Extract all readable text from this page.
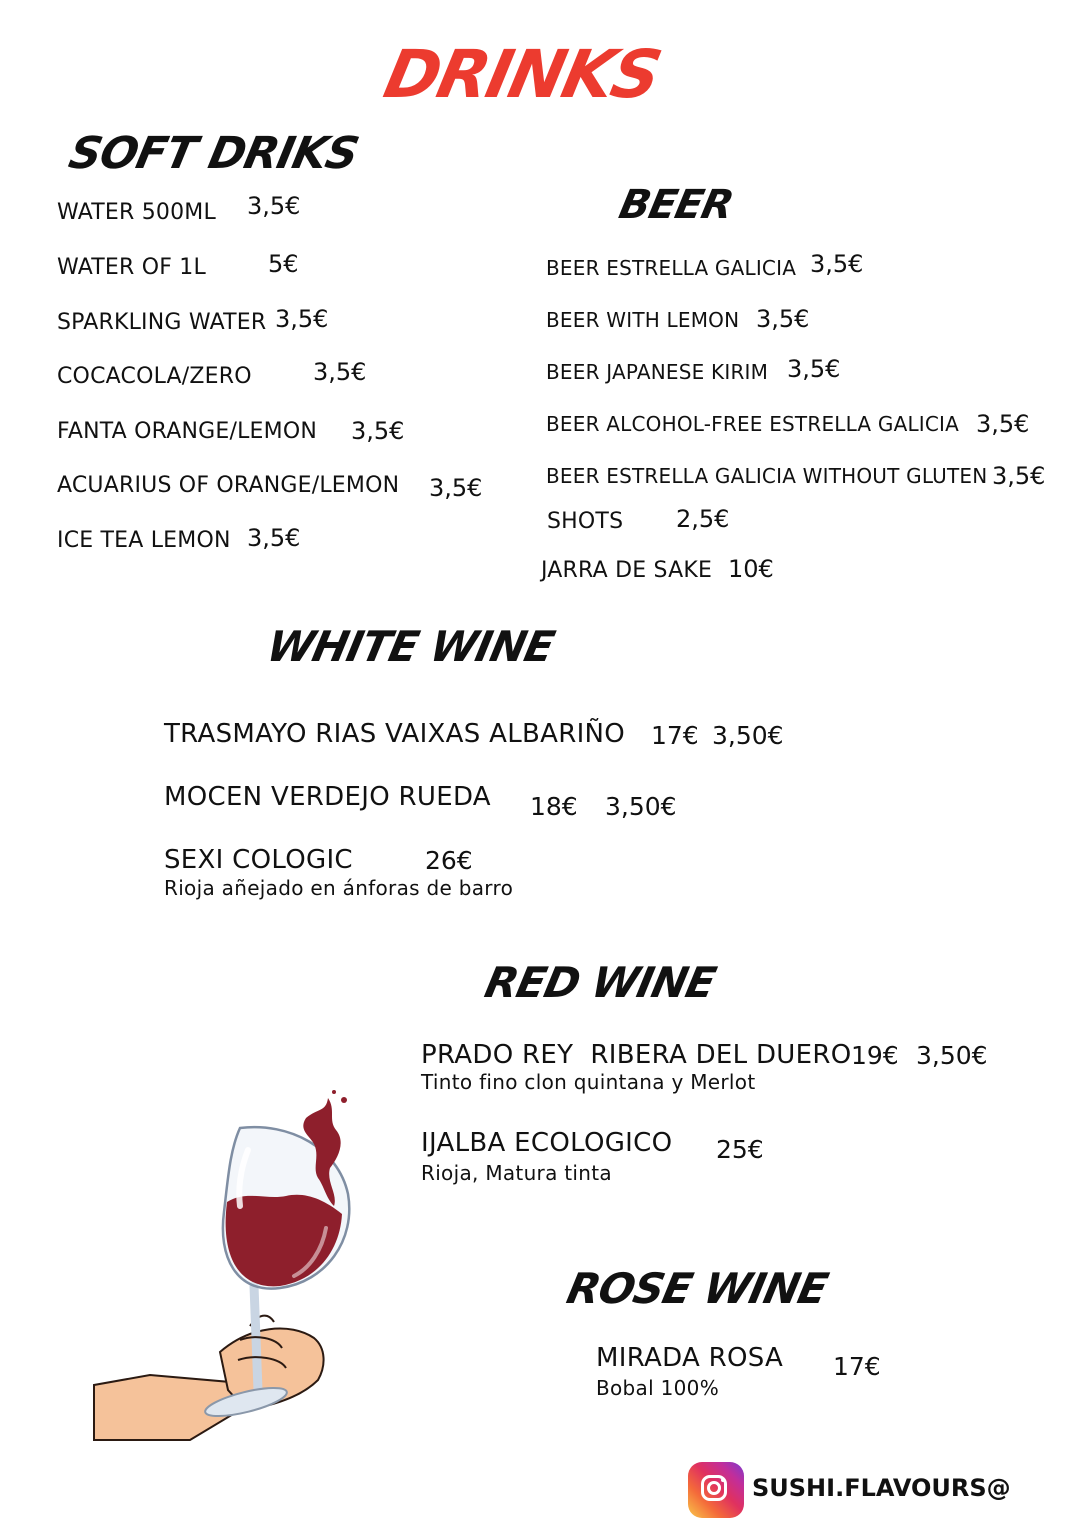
DRINKS
SOFT DRIKS
WATER 500ML 3,5€
WATER OF 1L	5€
SPARKLING WATER 3,5€
COCACOLA/ZERO	3,5€
FANTA ORANGE/LEMON 3,5€
ACUARIUS OF ORANGE/LEMON 3,5€
ICE TEA LEMON 3,5€
BEER
BEER ESTRELLA GALICIA 3,5€
BEER WITH LEMON 3,5€
BEER JAPANESE KIRIM 3,5€
BEER ALCOHOL-FREE ESTRELLA GALICIA 3,5€
BEER ESTRELLA GALICIA WITHOUT GLUTEN 3,5€
SHOTS 2,5€
JARRA DE SAKE 10€
WHITE WINE
TRASMAYO RIAS VAIXAS ALBARIÑO 17€ 3,50€
MOCEN VERDEJO RUEDA 18€ 3,50€
SEXI COLOGIC	26€
Rioja añejado en ánforas de barro
RED WINE
PRADO REY  RIBERA DEL DUERO 19€ 3,50€
Tinto fino clon quintana y Merlot
IJALBA ECOLOGICO 25€
Rioja, Matura tinta
ROSE WINE
MIRADA ROSA 17€
Bobal 100%
SUSHI.FLAVOURS@
